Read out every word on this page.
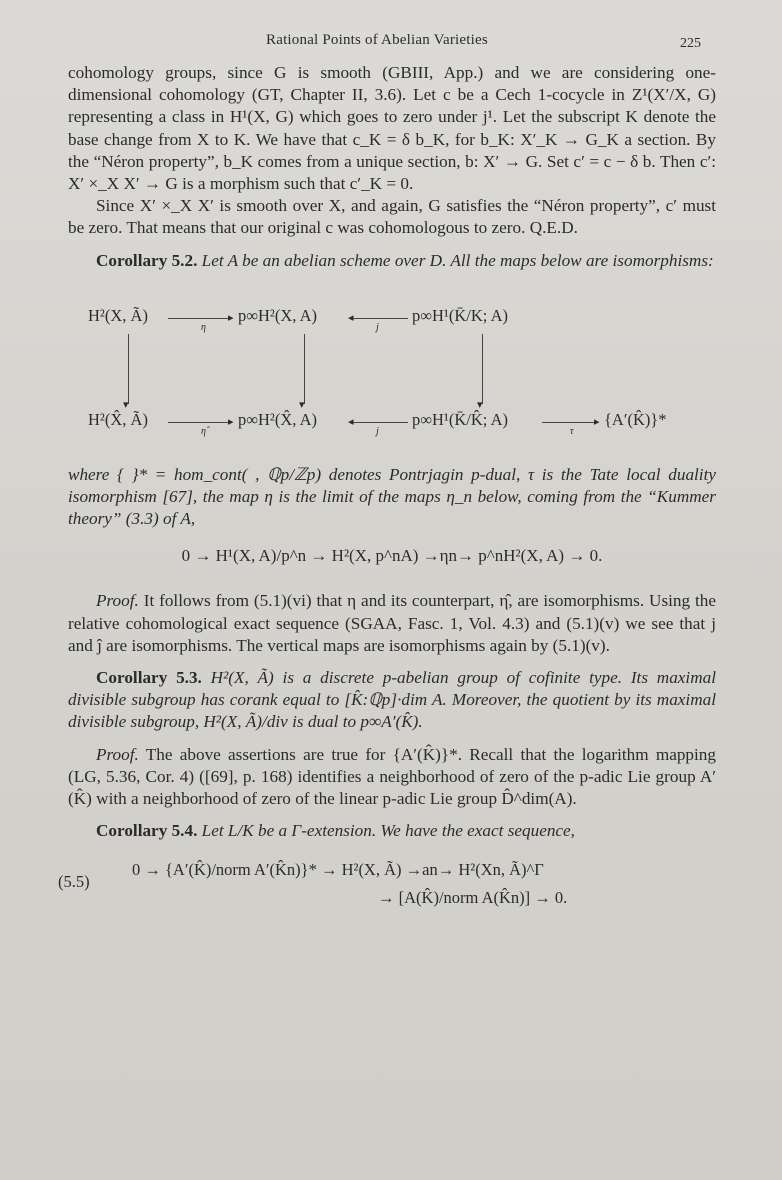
Rational Points of Abelian Varieties	225

cohomology groups, since G is smooth (GBIII, App.) and we are considering one-dimensional cohomology (GT, Chapter II, 3.6). Let c be a Cech 1-cocycle in Z¹(X′/X, G) representing a class in H¹(X, G) which goes to zero under j¹. Let the subscript K denote the base change from X to K. We have that c_K = δ b_K, for b_K: X′_K → G_K a section. By the “Néron property”, b_K comes from a unique section, b: X′ → G. Set c′ = c − δ b. Then c′: X′ ×_X X′ → G is a morphism such that c′_K = 0.

Since X′ ×_X X′ is smooth over X, and again, G satisfies the “Néron property”, c′ must be zero. That means that our original c was cohomologous to zero. Q.E.D.

Corollary 5.2. Let A be an abelian scheme over D. All the maps below are isomorphisms:

H²(X, Ã)	▸
η
p∞H²(X, A)	◂
j
p∞H¹(K̄/K; A)
▾	▾	▾
H²(X̂, Ã)	▸
η̂
p∞H²(X̂, A)	◂
j
p∞H¹(K̄/K̂; A)	▸
τ
{A′(K̂)}*

where { }* = hom_cont( , ℚp/ℤp) denotes Pontrjagin p-dual, τ is the Tate local duality isomorphism [67], the map η is the limit of the maps η_n below, coming from the “Kummer theory” (3.3) of A,

0 → H¹(X, A)/p^n → H²(X, p^nA) →ηn→ p^nH²(X, A) → 0.

Proof. It follows from (5.1)(vi) that η and its counterpart, η̂, are isomorphisms. Using the relative cohomological exact sequence (SGAA, Fasc. 1, Vol. 4.3) and (5.1)(v) we see that j and ĵ are isomorphisms. The vertical maps are isomorphisms again by (5.1)(v).

Corollary 5.3. H²(X, Ã) is a discrete p-abelian group of cofinite type. Its maximal divisible subgroup has corank equal to [K̂:ℚp]·dim A. Moreover, the quotient by its maximal divisible subgroup, H²(X, Ã)/div is dual to p∞A′(K̂).

Proof. The above assertions are true for {A′(K̂)}*. Recall that the logarithm mapping (LG, 5.36, Cor. 4) ([69], p. 168) identifies a neighborhood of zero of the p-adic Lie group A′(K̂) with a neighborhood of zero of the linear p-adic Lie group D̂^dim(A).

Corollary 5.4. Let L/K be a Γ-extension. We have the exact sequence,

(5.5)
0 → {A′(K̂)/norm A′(K̂n)}* → H²(X, Ã) →an→ H²(Xn, Ã)^Γ
→ [A(K̂)/norm A(K̂n)] → 0.
